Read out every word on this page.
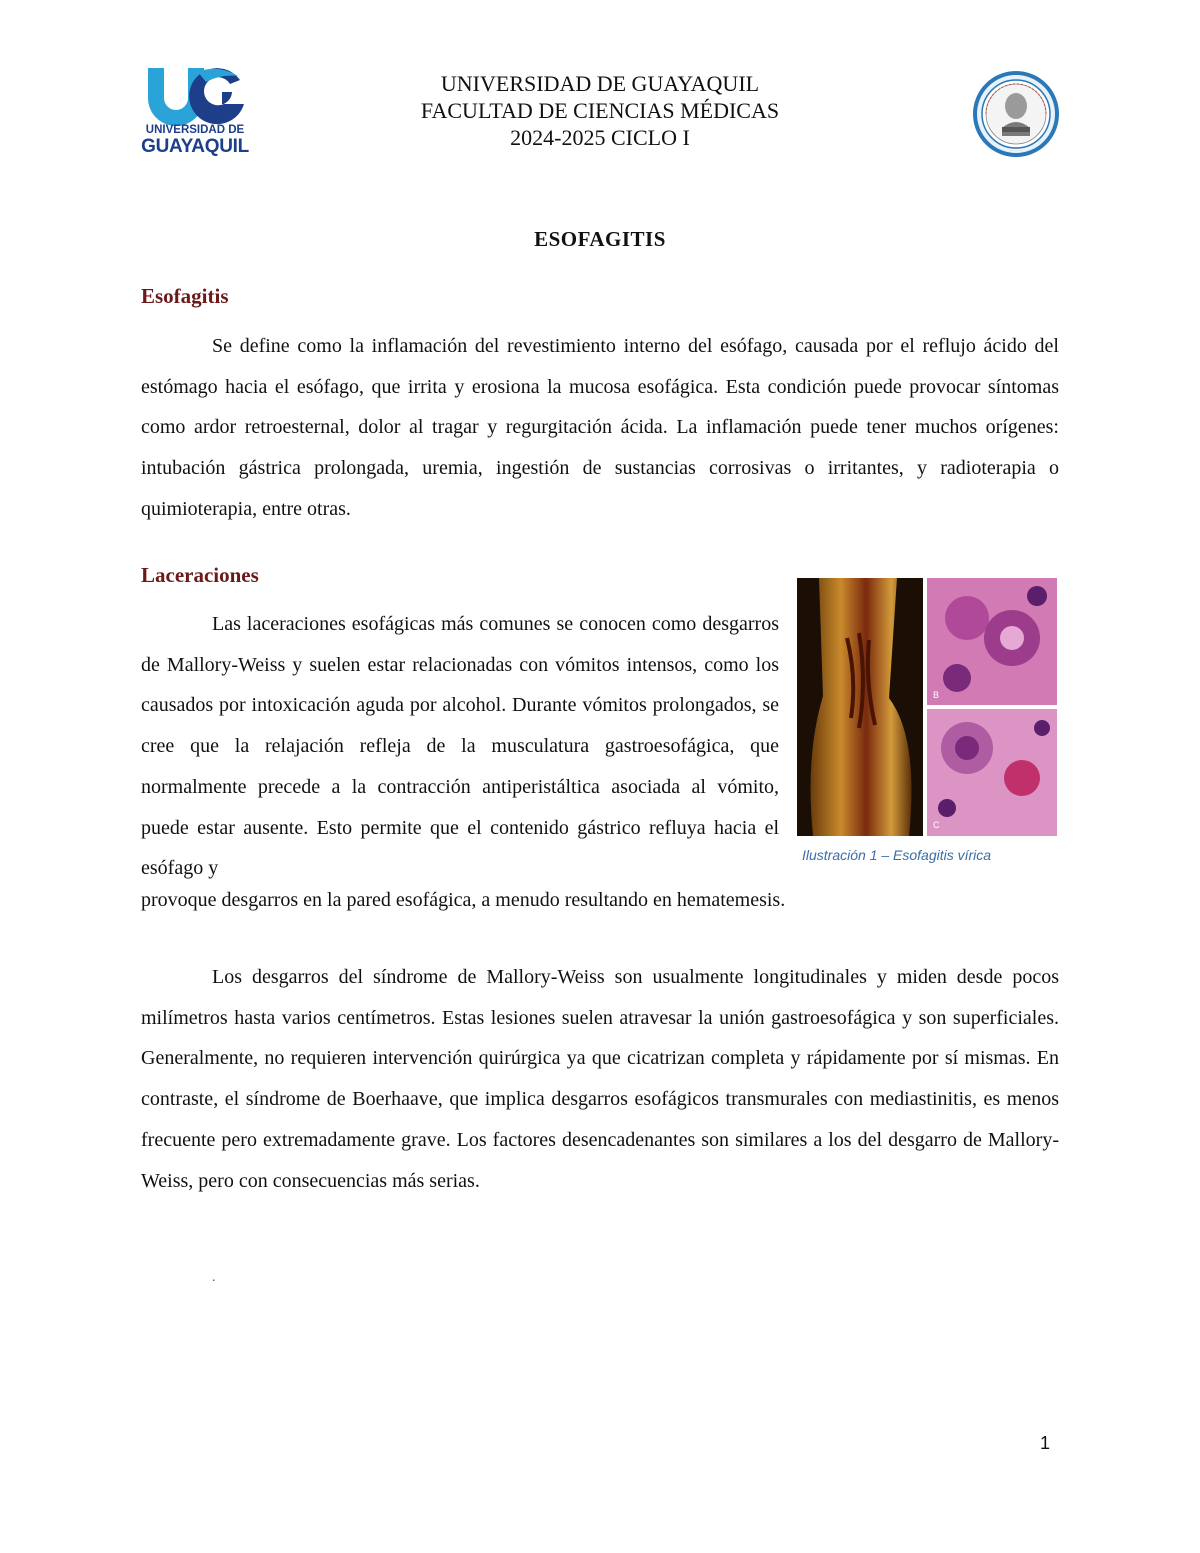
UNIVERSIDAD DE
GUAYAQUIL
UNIVERSIDAD DE GUAYAQUIL
FACULTAD DE CIENCIAS MÉDICAS
2024-2025 CICLO I
ESOFAGITIS
Esofagitis

Se define como la inflamación del revestimiento interno del esófago, causada por el reflujo ácido del estómago hacia el esófago, que irrita y erosiona la mucosa esofágica. Esta condición puede provocar síntomas como ardor retroesternal, dolor al tragar y regurgitación ácida. La inflamación puede tener muchos orígenes: intubación gástrica prolongada, uremia, ingestión de sustancias corrosivas o irritantes, y radioterapia o quimioterapia, entre otras.

Laceraciones

Las laceraciones esofágicas más comunes se conocen como desgarros de Mallory-Weiss y suelen estar relacionadas con vómitos intensos, como los causados por intoxicación aguda por alcohol. Durante vómitos prolongados, se cree que la relajación refleja de la musculatura gastroesofágica, que normalmente precede a la contracción antiperistáltica asociada al vómito, puede estar ausente. Esto permite que el contenido gástrico refluya hacia el esófago y

provoque desgarros en la pared esofágica, a menudo resultando en hematemesis.
B
C
Ilustración 1 – Esofagitis vírica

Los desgarros del síndrome de Mallory-Weiss son usualmente longitudinales y miden desde pocos milímetros hasta varios centímetros. Estas lesiones suelen atravesar la unión gastroesofágica y son superficiales. Generalmente, no requieren intervención quirúrgica ya que cicatrizan completa y rápidamente por sí mismas. En contraste, el síndrome de Boerhaave, que implica desgarros esofágicos transmurales con mediastinitis, es menos frecuente pero extremadamente grave. Los factores desencadenantes son similares a los del desgarro de Mallory-Weiss, pero con consecuencias más serias.

.
1
